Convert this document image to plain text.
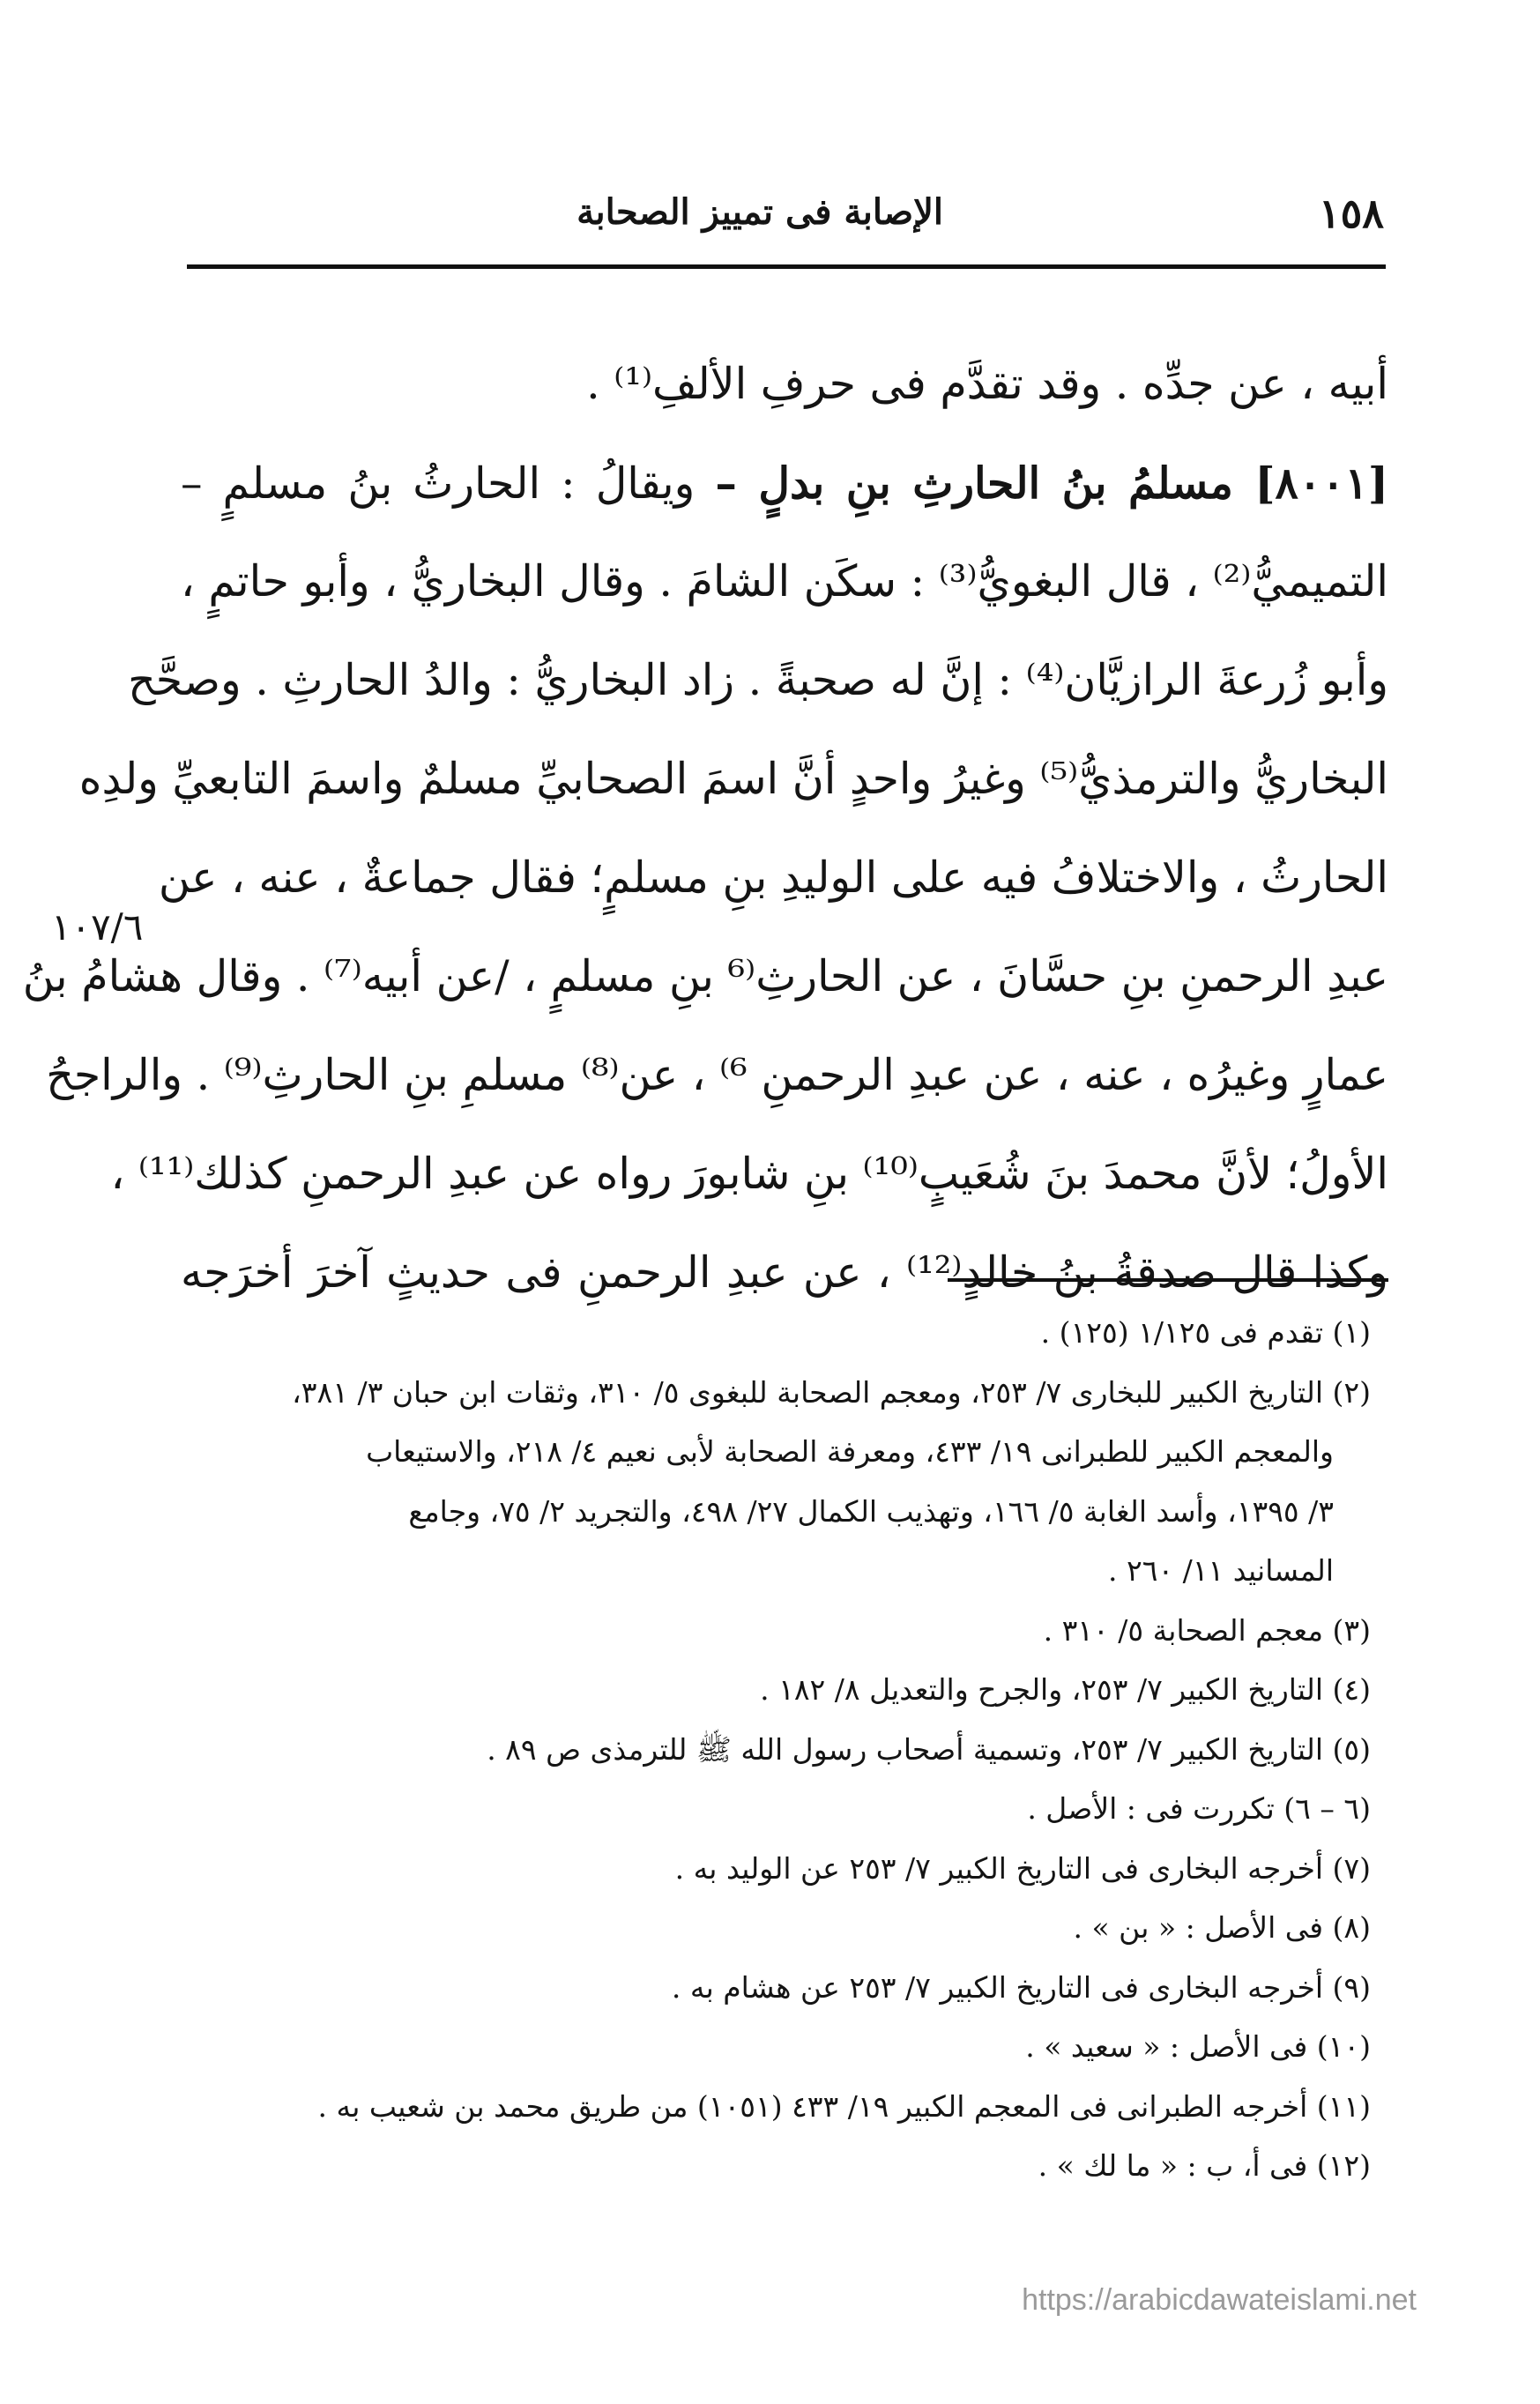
١٥٨
الإصابة فى تمييز الصحابة
أبيه ، عن جدِّه . وقد تقدَّم فى حرفِ الألفِ⁽¹⁾ .
[٨٠٠١] مسلمُ بنُ الحارثِ بنِ بدلٍ – ويقالُ : الحارثُ بنُ مسلمٍ –
التميميُّ⁽²⁾ ، قال البغويُّ⁽³⁾ : سكَن الشامَ . وقال البخاريُّ ، وأبو حاتمٍ ،
وأبو زُرعةَ الرازيَّان⁽⁴⁾ : إنَّ له صحبةً . زاد البخاريُّ : والدُ الحارثِ . وصحَّح
البخاريُّ والترمذيُّ⁽⁵⁾ وغيرُ واحدٍ أنَّ اسمَ الصحابيِّ مسلمٌ واسمَ التابعيِّ ولدِه
الحارثُ ، والاختلافُ فيه على الوليدِ بنِ مسلمٍ؛ فقال جماعةٌ ، عنه ، عن
عبدِ الرحمنِ بنِ حسَّانَ ، عن الحارثِ⁽⁶ بنِ مسلمٍ ، /عن أبيه⁽⁷⁾ . وقال هشامُ بنُ
عمارٍ وغيرُه ، عنه ، عن عبدِ الرحمنِ ⁶⁾ ، عن⁽⁸⁾ مسلمِ بنِ الحارثِ⁽⁹⁾ . والراجحُ
الأولُ؛ لأنَّ محمدَ بنَ شُعَيبٍ⁽¹⁰⁾ بنِ شابورَ رواه عن عبدِ الرحمنِ كذلك⁽¹¹⁾ ،
وكذا قال صدقةُ بنُ خالدٍ⁽¹²⁾ ، عن عبدِ الرحمنِ فى حديثٍ آخرَ أخرَجه
١٠٧/٦
(١) تقدم فى ١/١٢٥ (١٢٥) .
(٢) التاريخ الكبير للبخارى ٧/ ٢٥٣، ومعجم الصحابة للبغوى ٥/ ٣١٠، وثقات ابن حبان ٣/ ٣٨١،
والمعجم الكبير للطبرانى ١٩/ ٤٣٣، ومعرفة الصحابة لأبى نعيم ٤/ ٢١٨، والاستيعاب
٣/ ١٣٩٥، وأسد الغابة ٥/ ١٦٦، وتهذيب الكمال ٢٧/ ٤٩٨، والتجريد ٢/ ٧٥، وجامع
المسانيد ١١/ ٢٦٠ .
(٣) معجم الصحابة ٥/ ٣١٠ .
(٤) التاريخ الكبير ٧/ ٢٥٣، والجرح والتعديل ٨/ ١٨٢ .
(٥) التاريخ الكبير ٧/ ٢٥٣، وتسمية أصحاب رسول الله ﷺ للترمذى ص ٨٩ .
(٦ – ٦) تكررت فى : الأصل .
(٧) أخرجه البخارى فى التاريخ الكبير ٧/ ٢٥٣ عن الوليد به .
(٨) فى الأصل : « بن » .
(٩) أخرجه البخارى فى التاريخ الكبير ٧/ ٢٥٣ عن هشام به .
(١٠) فى الأصل : « سعيد » .
(١١) أخرجه الطبرانى فى المعجم الكبير ١٩/ ٤٣٣ (١٠٥١) من طريق محمد بن شعيب به .
(١٢) فى أ، ب : « ما لك » .
https://arabicdawateislami.net
